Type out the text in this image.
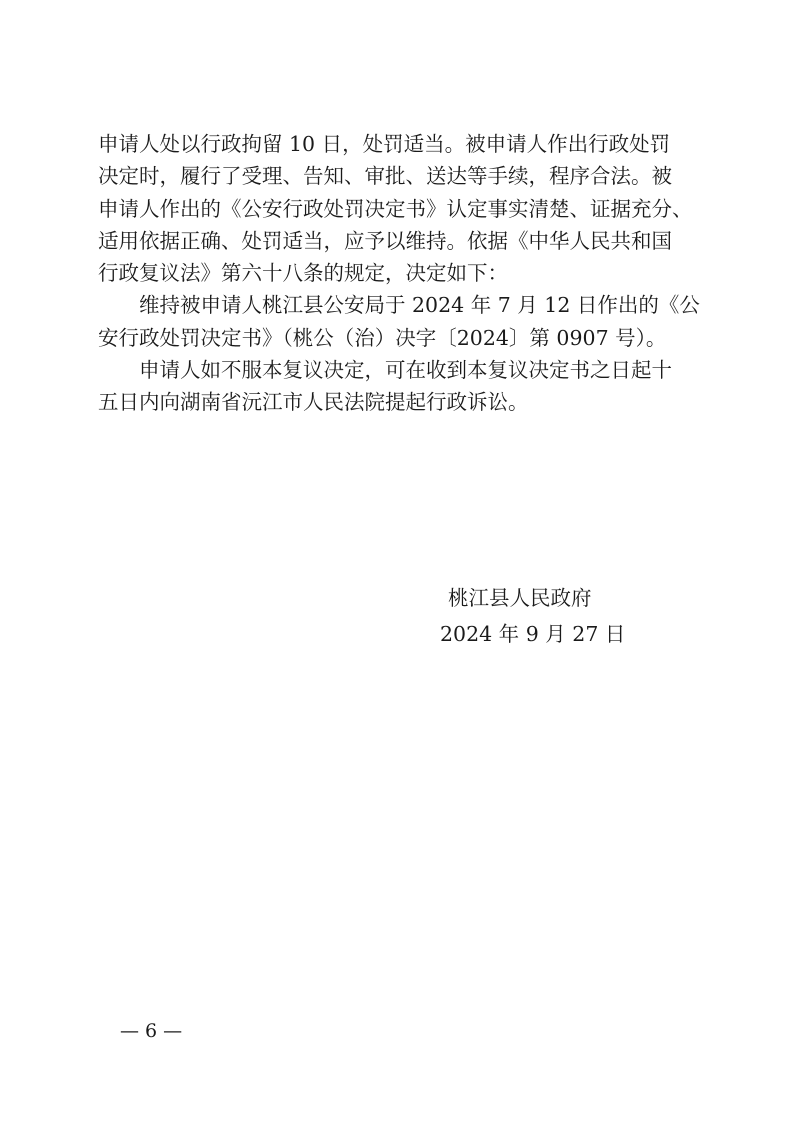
申请人处以行政拘留 10 日，处罚适当。被申请人作出行政处罚
决定时，履行了受理、告知、审批、送达等手续，程序合法。被
申请人作出的《公安行政处罚决定书》认定事实清楚、证据充分、
适用依据正确、处罚适当，应予以维持。依据《中华人民共和国
行政复议法》第六十八条的规定，决定如下：
　　维持被申请人桃江县公安局于 2024 年 7 月 12 日作出的《公
安行政处罚决定书》（桃公（治）决字〔2024〕第 0907 号）。
　　申请人如不服本复议决定，可在收到本复议决定书之日起十
五日内向湖南省沅江市人民法院提起行政诉讼。
桃江县人民政府
2024 年 9 月 27 日
— 6 —
